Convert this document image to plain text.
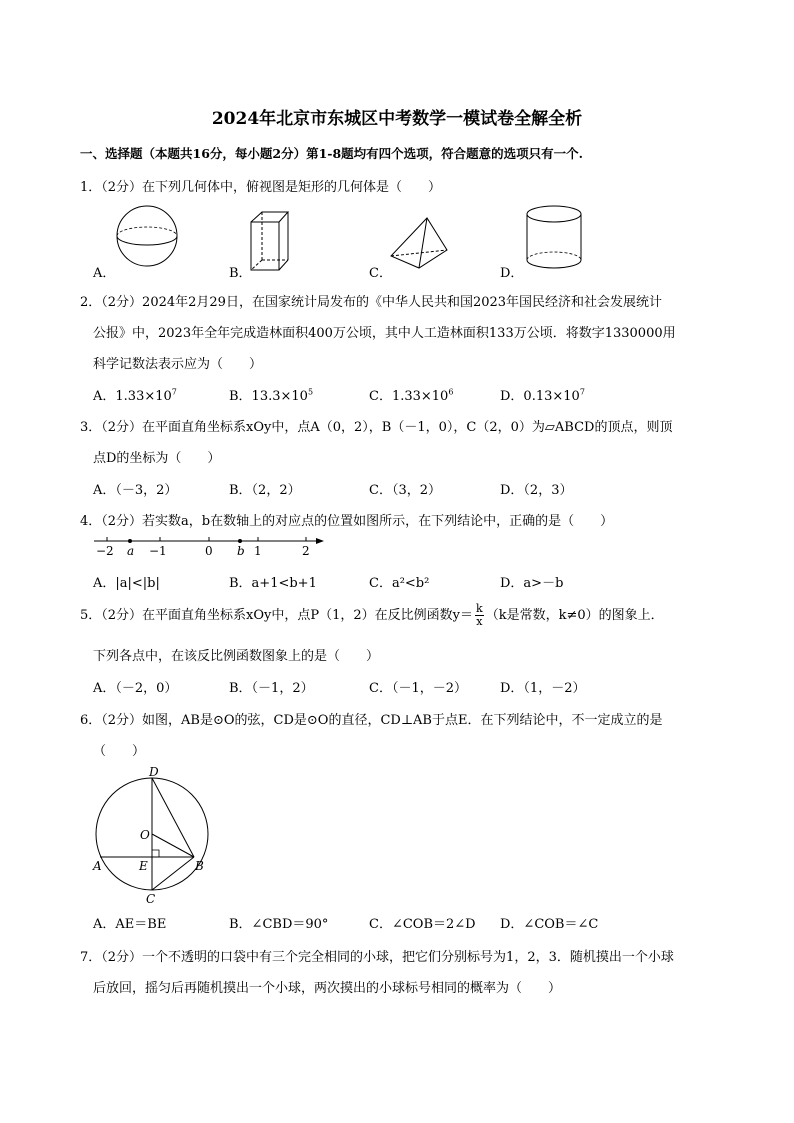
2024年北京市东城区中考数学一模试卷全解全析
一、选择题（本题共16分，每小题2分）第1-8题均有四个选项，符合题意的选项只有一个.
1．（2分）在下列几何体中，俯视图是矩形的几何体是（　　）
A．	B．	C．	D．
2．（2分）2024年2月29日，在国家统计局发布的《中华人民共和国2023年国民经济和社会发展统计
公报》中，2023年全年完成造林面积400万公顷，其中人工造林面积133万公顷．将数字1330000用
科学记数法表示应为（　　）
A．$1.33\times 10^7$	B．$13.3\times 10^5$	C．$1.33\times 10^6$	D．$0.13\times 10^7$
3．（2分）在平面直角坐标系xOy中，点A（0，2），B（－1，0），C（2，0）为▱ABCD的顶点，则顶
点D的坐标为（　　）
A．（－3，2）	B．（2，2）	C．（3，2）	D．（2，3）
4．（2分）若实数a，b在数轴上的对应点的位置如图所示，在下列结论中，正确的是（　　）
−2 a −1	0 b 1	2
A．|a|<|b|	B．a+1<b+1	C．a²<b²	D．a>－b
5．（2分）在平面直角坐标系xOy中，点P（1，2）在反比例函数$y= \frac{k}{x} (k$是常数，k≠0）的图象上．
下列各点中，在该反比例函数图象上的是（　　）
A．（－2，0）	B．（－1，2）	C．（－1，－2）	D．（1，－2）
6．（2分）如图，AB是⊙O的弦，CD是⊙O的直径，CD⊥AB于点E．在下列结论中，不一定成立的是
（　　）
D
O
A	E	B
C
A．AE＝BE	B．∠CBD＝90°	C．∠COB＝2∠D D．∠COB＝∠C
7．（2分）一个不透明的口袋中有三个完全相同的小球，把它们分别标号为1，2，3．随机摸出一个小球
后放回，摇匀后再随机摸出一个小球，两次摸出的小球标号相同的概率为（　　）
